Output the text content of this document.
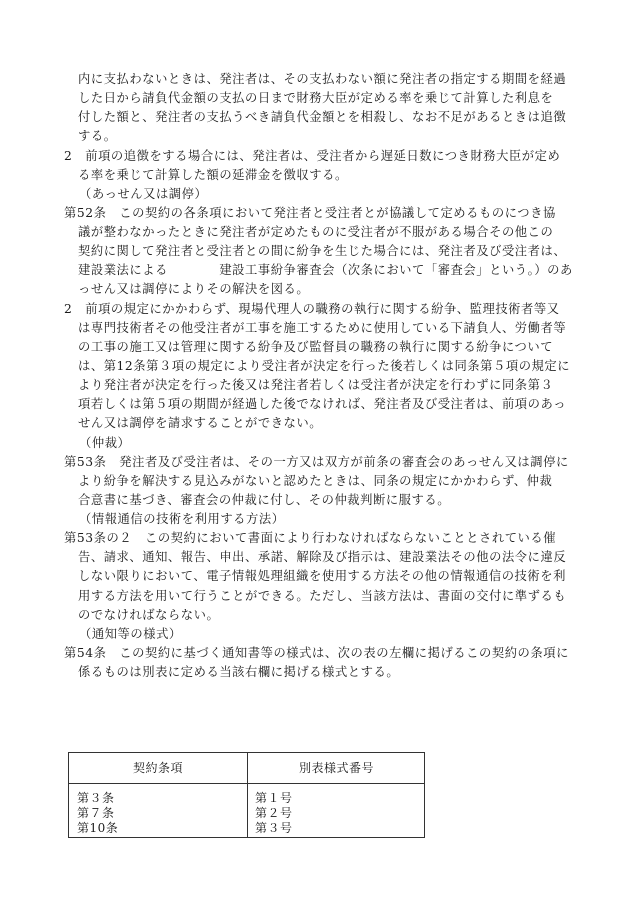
内に支払わないときは、発注者は、その支払わない額に発注者の指定する期間を経過
した日から請負代金額の支払の日まで財務大臣が定める率を乗じて計算した利息を
付した額と、発注者の支払うべき請負代金額とを相殺し、なお不足があるときは追徴
する。
2　前項の追徴をする場合には、発注者は、受注者から遅延日数につき財務大臣が定め
る率を乗じて計算した額の延滞金を徴収する。
（あっせん又は調停）
第52条　この契約の各条項において発注者と受注者とが協議して定めるものにつき協
議が整わなかったときに発注者が定めたものに受注者が不服がある場合その他この
契約に関して発注者と受注者との間に紛争を生じた場合には、発注者及び受注者は、
建設業法による　　　　建設工事紛争審査会（次条において「審査会」という。）のあ
っせん又は調停によりその解決を図る。
2　前項の規定にかかわらず、現場代理人の職務の執行に関する紛争、監理技術者等又
は専門技術者その他受注者が工事を施工するために使用している下請負人、労働者等
の工事の施工又は管理に関する紛争及び監督員の職務の執行に関する紛争について
は、第12条第３項の規定により受注者が決定を行った後若しくは同条第５項の規定に
より発注者が決定を行った後又は発注者若しくは受注者が決定を行わずに同条第３
項若しくは第５項の期間が経過した後でなければ、発注者及び受注者は、前項のあっ
せん又は調停を請求することができない。
（仲裁）
第53条　発注者及び受注者は、その一方又は双方が前条の審査会のあっせん又は調停に
より紛争を解決する見込みがないと認めたときは、同条の規定にかかわらず、仲裁
合意書に基づき、審査会の仲裁に付し、その仲裁判断に服する。
（情報通信の技術を利用する方法）
第53条の２　この契約において書面により行わなければならないこととされている催
告、請求、通知、報告、申出、承諾、解除及び指示は、建設業法その他の法令に違反
しない限りにおいて、電子情報処理組織を使用する方法その他の情報通信の技術を利
用する方法を用いて行うことができる。ただし、当該方法は、書面の交付に準ずるも
のでなければならない。
（通知等の様式）
第54条　この契約に基づく通知書等の様式は、次の表の左欄に掲げるこの契約の条項に
係るものは別表に定める当該右欄に掲げる様式とする。
契約条項	別表様式番号
第３条	第１号
第７条	第２号
第10条	第３号
